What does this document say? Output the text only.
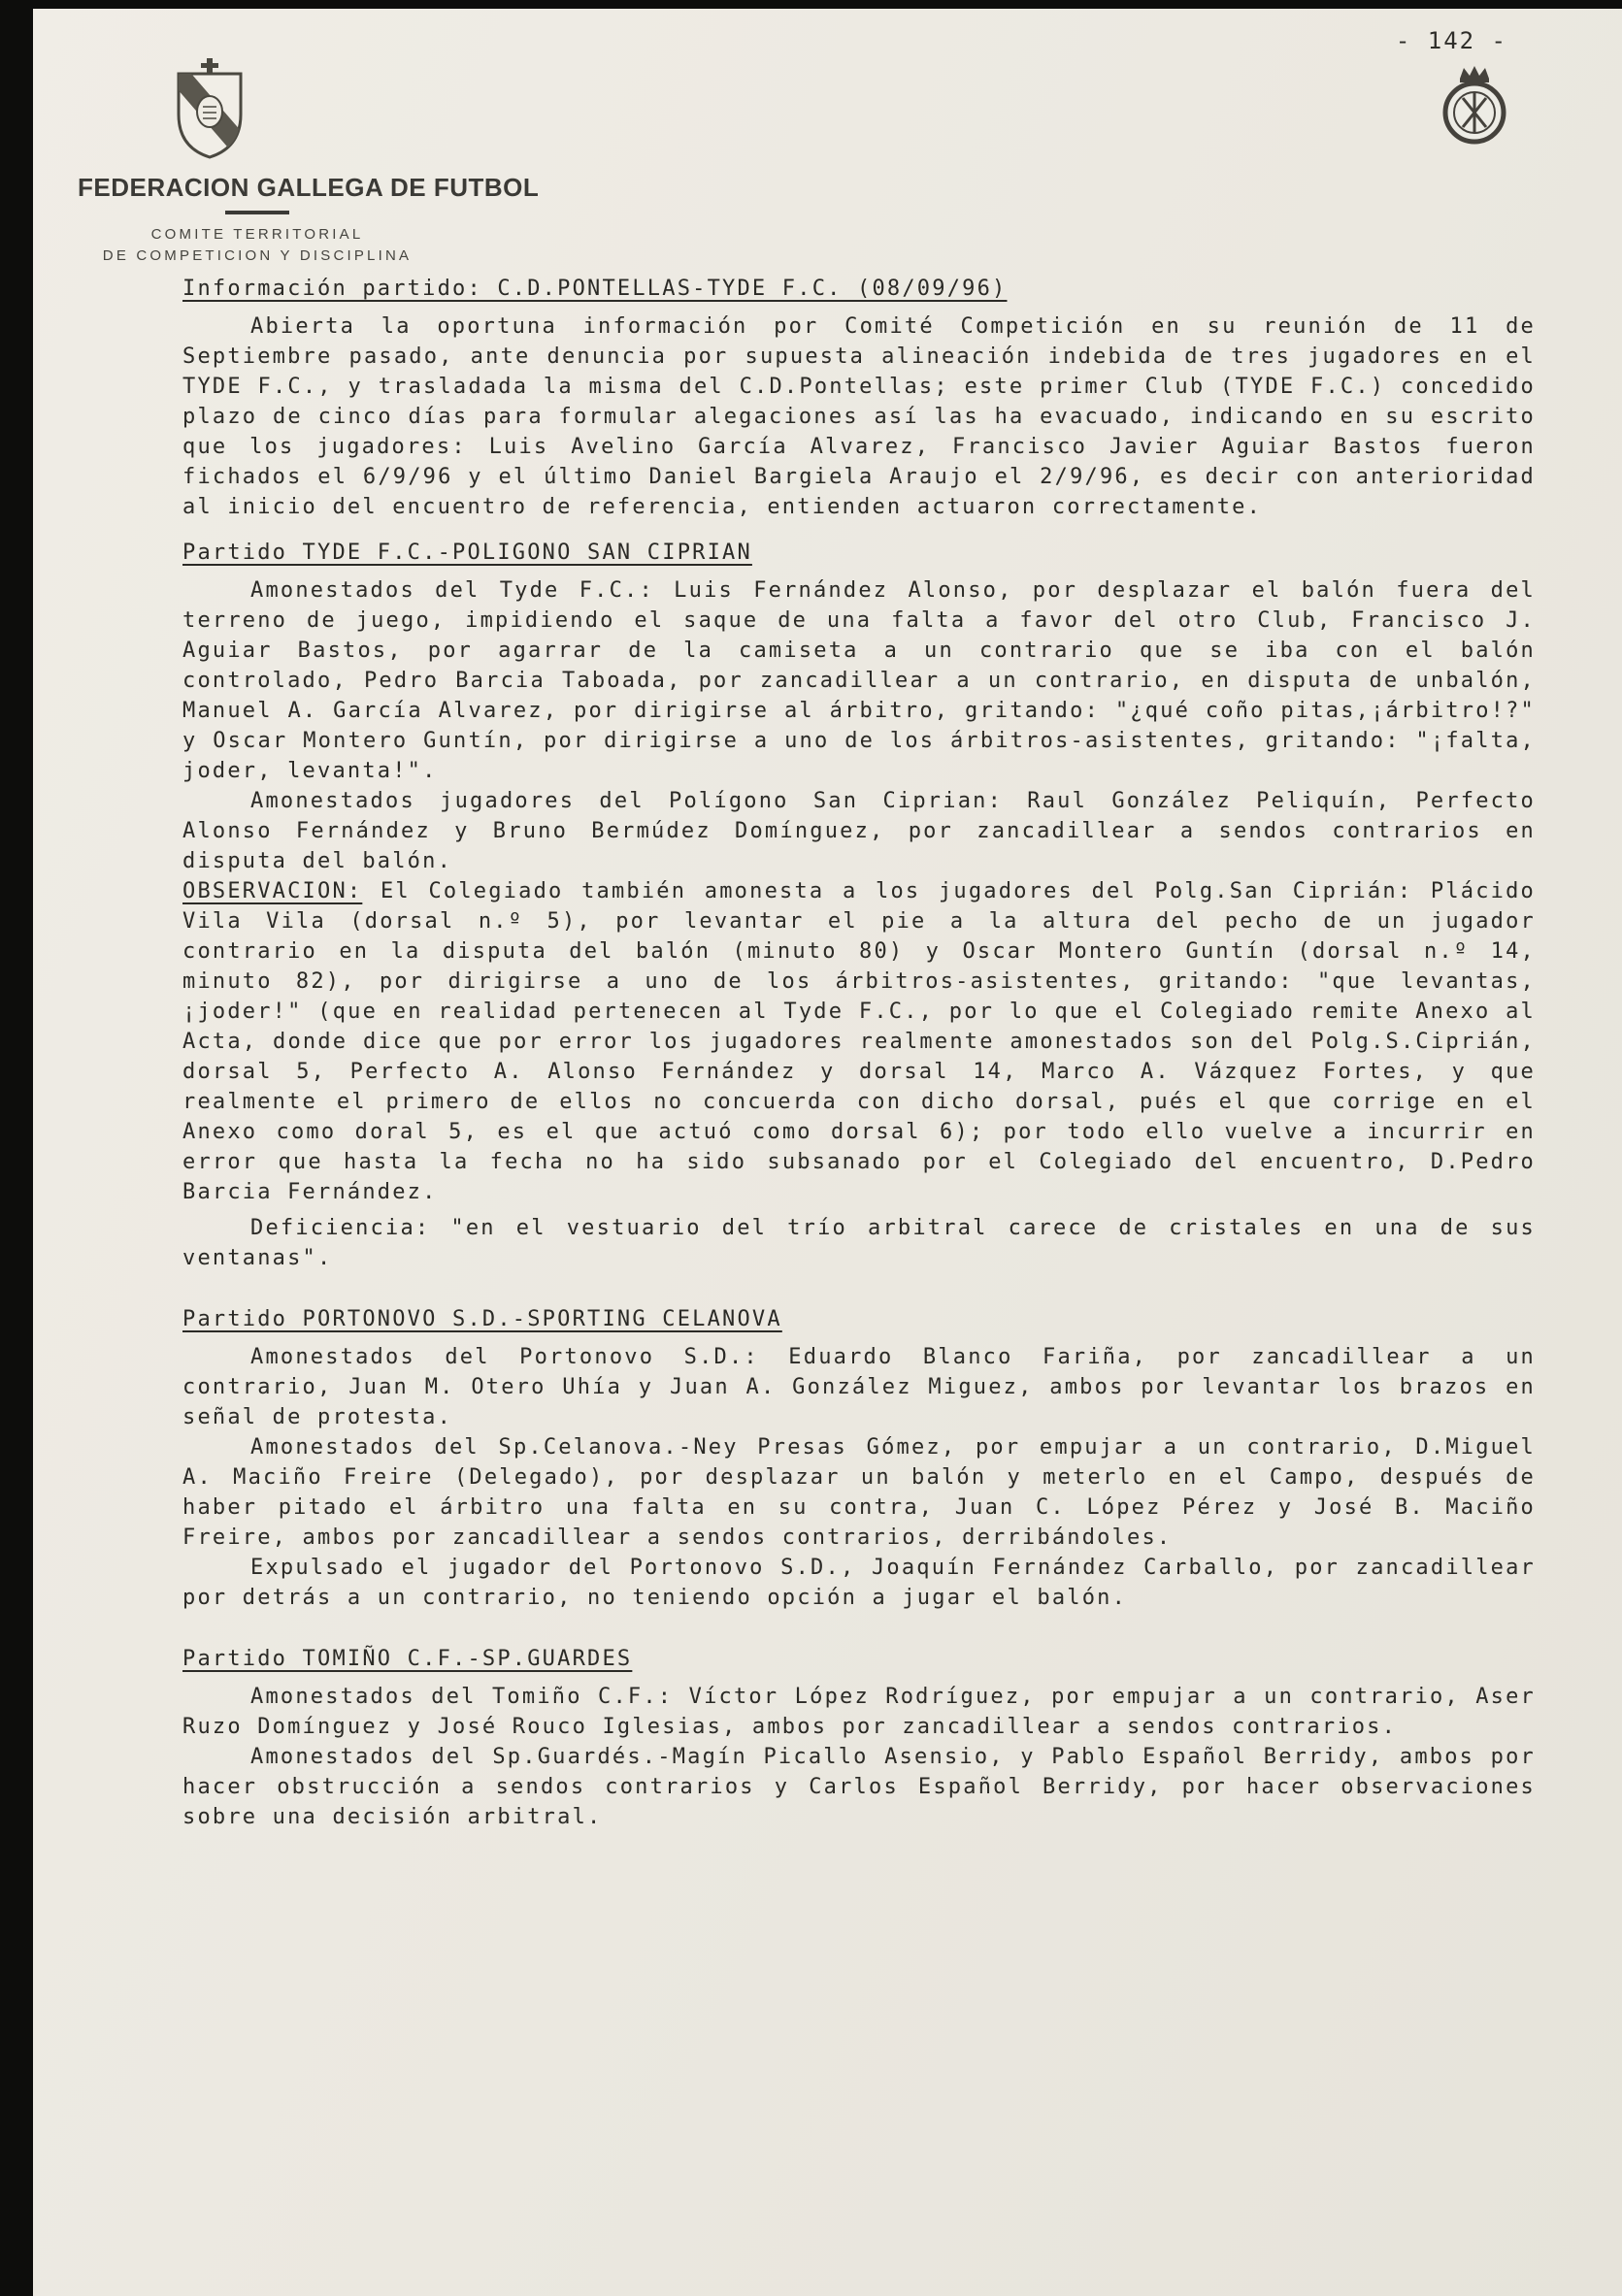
- 142 -
FEDERACION GALLEGA DE FUTBOL
COMITE TERRITORIAL
DE COMPETICION Y DISCIPLINA
Información partido: C.D.PONTELLAS-TYDE F.C. (08/09/96)

Abierta la oportuna información por Comité Competición en su reunión de 11 de Septiembre pasado, ante denuncia por supuesta alineación indebida de tres jugadores en el TYDE F.C., y trasladada la misma del C.D.Pontellas; este primer Club (TYDE F.C.) concedido plazo de cinco días para formular alegaciones así las ha evacuado, indicando en su escrito que los jugadores: Luis Avelino García Alvarez, Francisco Javier Aguiar Bastos fueron fichados el 6/9/96 y el último Daniel Bargiela Araujo el 2/9/96, es decir con anterioridad al inicio del encuentro de referencia, entienden actuaron correctamente.

Partido TYDE F.C.-POLIGONO SAN CIPRIAN

Amonestados del Tyde F.C.: Luis Fernández Alonso, por desplazar el balón fuera del terreno de juego, impidiendo el saque de una falta a favor del otro Club, Francisco J. Aguiar Bastos, por agarrar de la camiseta a un contrario que se iba con el balón controlado, Pedro Barcia Taboada, por zancadillear a un contrario, en disputa de unbalón, Manuel A. García Alvarez, por dirigirse al árbitro, gritando: "¿qué coño pitas,¡árbitro!?" y Oscar Montero Guntín, por dirigirse a uno de los árbitros-asistentes, gritando: "¡falta, joder, levanta!".

Amonestados jugadores del Polígono San Ciprian: Raul González Peliquín, Perfecto Alonso Fernández y Bruno Bermúdez Domínguez, por zancadillear a sendos contrarios en disputa del balón.

OBSERVACION: El Colegiado también amonesta a los jugadores del Polg.San Ciprián: Plácido Vila Vila (dorsal n.º 5), por levantar el pie a la altura del pecho de un jugador contrario en la disputa del balón (minuto 80) y Oscar Montero Guntín (dorsal n.º 14, minuto 82), por dirigirse a uno de los árbitros-asistentes, gritando: "que levantas,¡joder!" (que en realidad pertenecen al Tyde F.C., por lo que el Colegiado remite Anexo al Acta, donde dice que por error los jugadores realmente amonestados son del Polg.S.Ciprián, dorsal 5, Perfecto A. Alonso Fernández y dorsal 14, Marco A. Vázquez Fortes, y que realmente el primero de ellos no concuerda con dicho dorsal, pués el que corrige en el Anexo como doral 5, es el que actuó como dorsal 6); por todo ello vuelve a incurrir en error que hasta la fecha no ha sido subsanado por el Colegiado del encuentro, D.Pedro Barcia Fernández.

Deficiencia: "en el vestuario del trío arbitral carece de cristales en una de sus ventanas".

Partido PORTONOVO S.D.-SPORTING CELANOVA

Amonestados del Portonovo S.D.: Eduardo Blanco Fariña, por zancadillear a un contrario, Juan M. Otero Uhía y Juan A. González Miguez, ambos por levantar los brazos en señal de protesta.

Amonestados del Sp.Celanova.-Ney Presas Gómez, por empujar a un contrario, D.Miguel A. Maciño Freire (Delegado), por desplazar un balón y meterlo en el Campo, después de haber pitado el árbitro una falta en su contra, Juan C. López Pérez y José B. Maciño Freire, ambos por zancadillear a sendos contrarios, derribándoles.

Expulsado el jugador del Portonovo S.D., Joaquín Fernández Carballo, por zancadillear por detrás a un contrario, no teniendo opción a jugar el balón.

Partido TOMIÑO C.F.-SP.GUARDES

Amonestados del Tomiño C.F.: Víctor López Rodríguez, por empujar a un contrario, Aser Ruzo Domínguez y José Rouco Iglesias, ambos por zancadillear a sendos contrarios.

Amonestados del Sp.Guardés.-Magín Picallo Asensio, y Pablo Español Berridy, ambos por hacer obstrucción a sendos contrarios y Carlos Español Berridy, por hacer observaciones sobre una decisión arbitral.
